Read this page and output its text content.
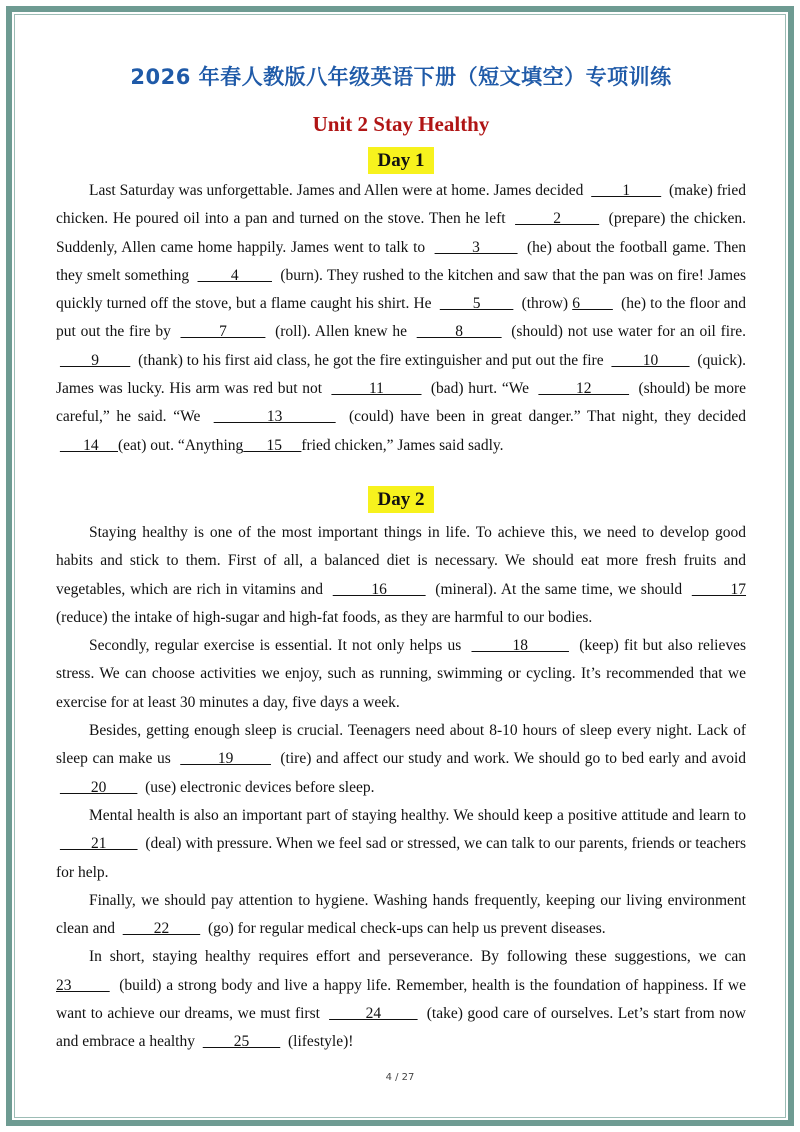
2026 年春人教版八年级英语下册（短文填空）专项训练
Unit 2 Stay Healthy
Day 1

Last Saturday was unforgettable. James and Allen were at home. James decided          1          (make) fried chicken. He poured oil into a pan and turned on the stove. Then he left          2          (prepare) the chicken. Suddenly, Allen came home happily. James went to talk to          3          (he) about the football game. Then they smelt something          4          (burn). They rushed to the kitchen and saw that the pan was on fire! James quickly turned off the stove, but a flame caught his shirt. He          5          (throw) 6          (he) to the floor and put out the fire by          7          (roll). Allen knew he          8          (should) not use water for an oil fire.          9          (thank) to his first aid class, he got the fire extinguisher and put out the fire          10          (quick). James was lucky. His arm was red but not          11          (bad) hurt. “We          12          (should) be more careful,” he said. “We          13          (could) have been in great danger.” That night, they decided        14     (eat) out. “Anything      15     fried chicken,” James said sadly.

Day 2

Staying healthy is one of the most important things in life. To achieve this, we need to develop good habits and stick to them. First of all, a balanced diet is necessary. We should eat more fresh fruits and vegetables, which are rich in vitamins and          16          (mineral). At the same time, we should          17 (reduce) the intake of high-sugar and high-fat foods, as they are harmful to our bodies.

Secondly, regular exercise is essential. It not only helps us          18          (keep) fit but also relieves stress. We can choose activities we enjoy, such as running, swimming or cycling. It’s recommended that we exercise for at least 30 minutes a day, five days a week.

Besides, getting enough sleep is crucial. Teenagers need about 8-10 hours of sleep every night. Lack of sleep can make us          19          (tire) and affect our study and work. We should go to bed early and avoid          20          (use) electronic devices before sleep.

Mental health is also an important part of staying healthy. We should keep a positive attitude and learn to          21          (deal) with pressure. When we feel sad or stressed, we can talk to our parents, friends or teachers for help.

Finally, we should pay attention to hygiene. Washing hands frequently, keeping our living environment clean and          22          (go) for regular medical check-ups can help us prevent diseases.

In short, staying healthy requires effort and perseverance. By following these suggestions, we can 23          (build) a strong body and live a happy life. Remember, health is the foundation of happiness. If we want to achieve our dreams, we must first          24          (take) good care of ourselves. Let’s start from now and embrace a healthy          25          (lifestyle)!

4 / 27
